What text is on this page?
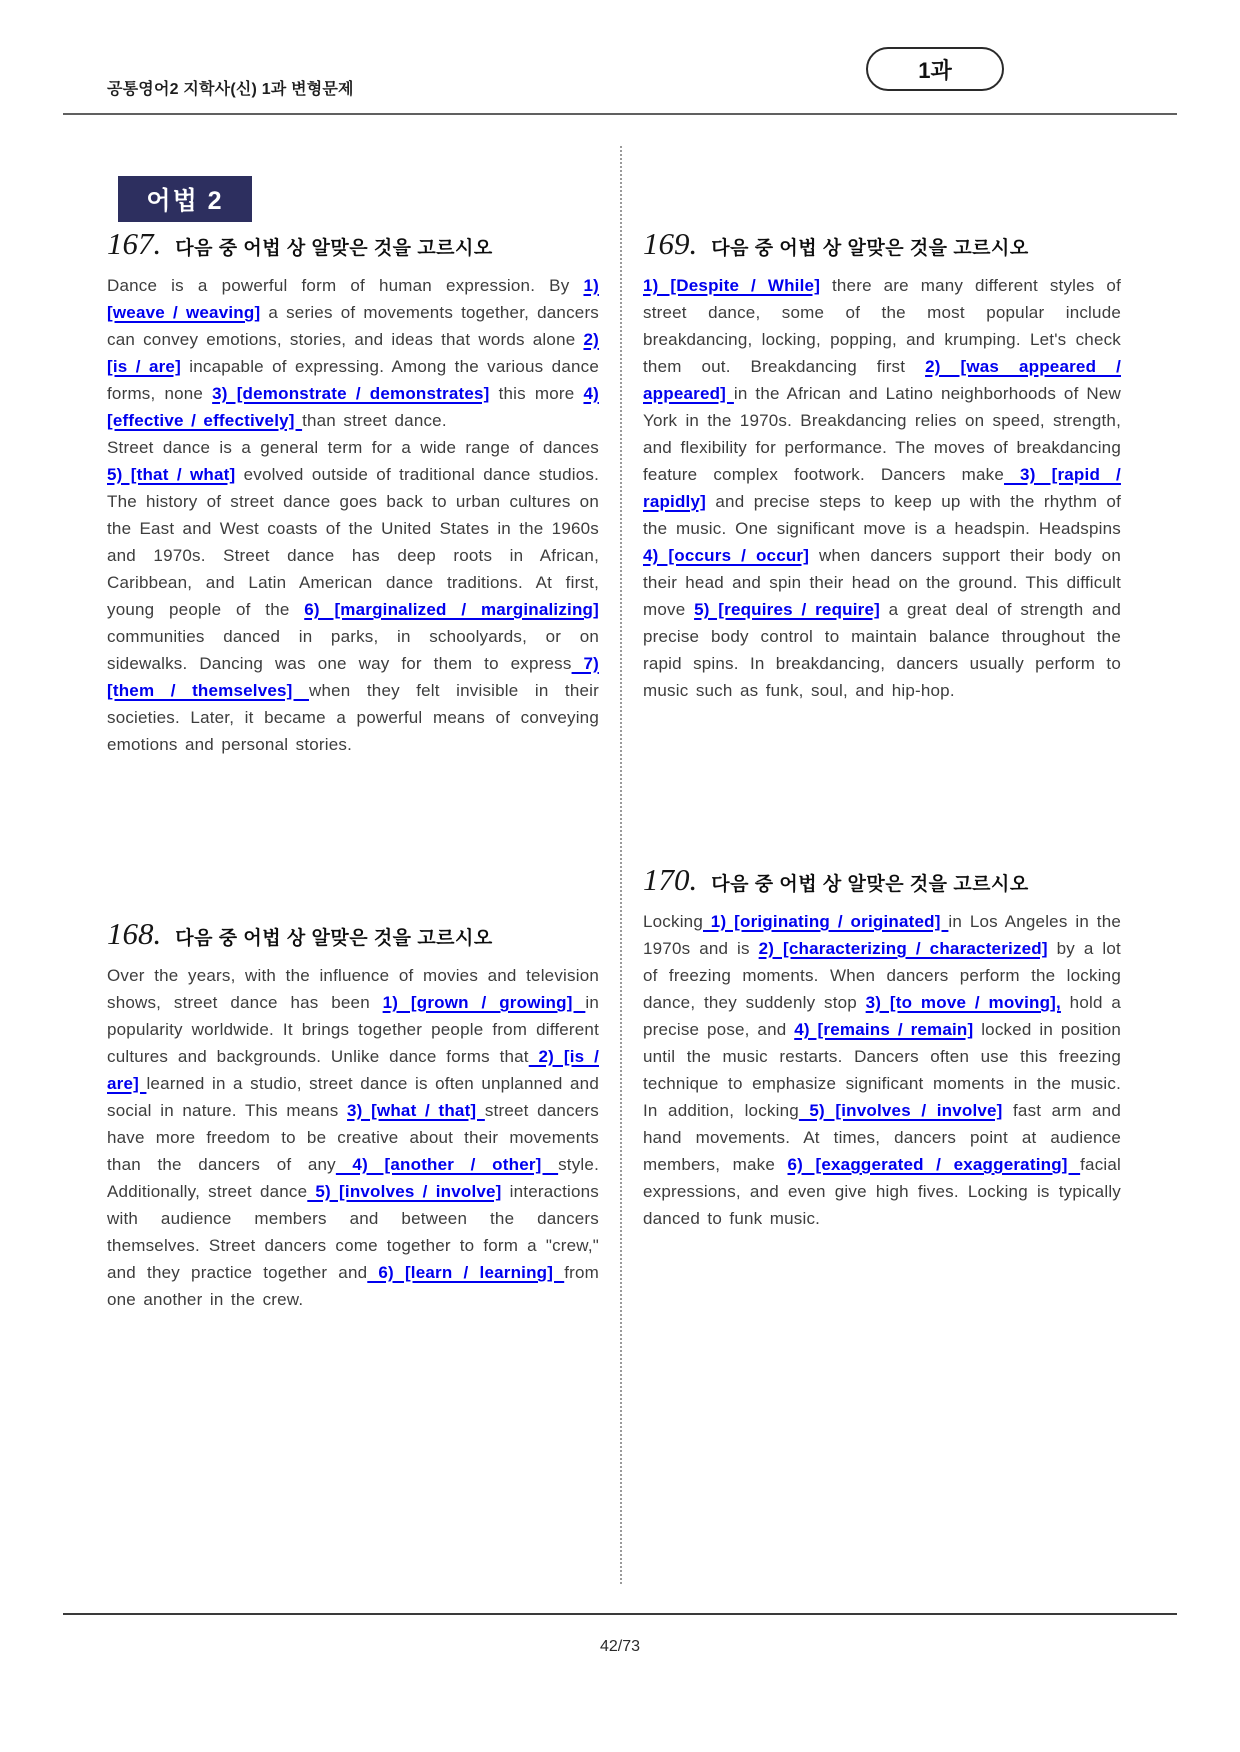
공통영어2 지학사(신) 1과 변형문제
1과
어법 2
167. 다음 중 어법 상 알맞은 것을 고르시오

Dance is a powerful form of human expression. By 1) [weave / weaving] a series of movements together, dancers can convey emotions, stories, and ideas that words alone 2) [is / are] incapable of expressing. Among the various dance forms, none 3) [demonstrate / demonstrates] this more 4) [effective / effectively] than street dance.

Street dance is a general term for a wide range of dances 5) [that / what] evolved outside of traditional dance studios. The history of street dance goes back to urban cultures on the East and West coasts of the United States in the 1960s and 1970s. Street dance has deep roots in African, Caribbean, and Latin American dance traditions. At first, young people of the 6) [marginalized / marginalizing] communities danced in parks, in schoolyards, or on sidewalks. Dancing was one way for them to express 7) [them / themselves] when they felt invisible in their societies. Later, it became a powerful means of conveying emotions and personal stories.

168. 다음 중 어법 상 알맞은 것을 고르시오

Over the years, with the influence of movies and television shows, street dance has been 1) [grown / growing] in popularity worldwide. It brings together people from different cultures and backgrounds. Unlike dance forms that 2) [is / are] learned in a studio, street dance is often unplanned and social in nature. This means 3) [what / that] street dancers have more freedom to be creative about their movements than the dancers of any 4) [another / other] style. Additionally, street dance 5) [involves / involve] interactions with audience members and between the dancers themselves. Street dancers come together to form a "crew," and they practice together and 6) [learn / learning] from one another in the crew.

169. 다음 중 어법 상 알맞은 것을 고르시오

1) [Despite / While] there are many different styles of street dance, some of the most popular include breakdancing, locking, popping, and krumping. Let's check them out. Breakdancing first 2) [was appeared / appeared] in the African and Latino neighborhoods of New York in the 1970s. Breakdancing relies on speed, strength, and flexibility for performance. The moves of breakdancing feature complex footwork. Dancers make 3) [rapid / rapidly] and precise steps to keep up with the rhythm of the music. One significant move is a headspin. Headspins 4) [occurs / occur] when dancers support their body on their head and spin their head on the ground. This difficult move 5) [requires / require] a great deal of strength and precise body control to maintain balance throughout the rapid spins. In breakdancing, dancers usually perform to music such as funk, soul, and hip-hop.

170. 다음 중 어법 상 알맞은 것을 고르시오

Locking 1) [originating / originated] in Los Angeles in the 1970s and is 2) [characterizing / characterized] by a lot of freezing moments. When dancers perform the locking dance, they suddenly stop 3) [to move / moving], hold a precise pose, and 4) [remains / remain] locked in position until the music restarts. Dancers often use this freezing technique to emphasize significant moments in the music. In addition, locking 5) [involves / involve] fast arm and hand movements. At times, dancers point at audience members, make 6) [exaggerated / exaggerating] facial expressions, and even give high fives. Locking is typically danced to funk music.

42/73
